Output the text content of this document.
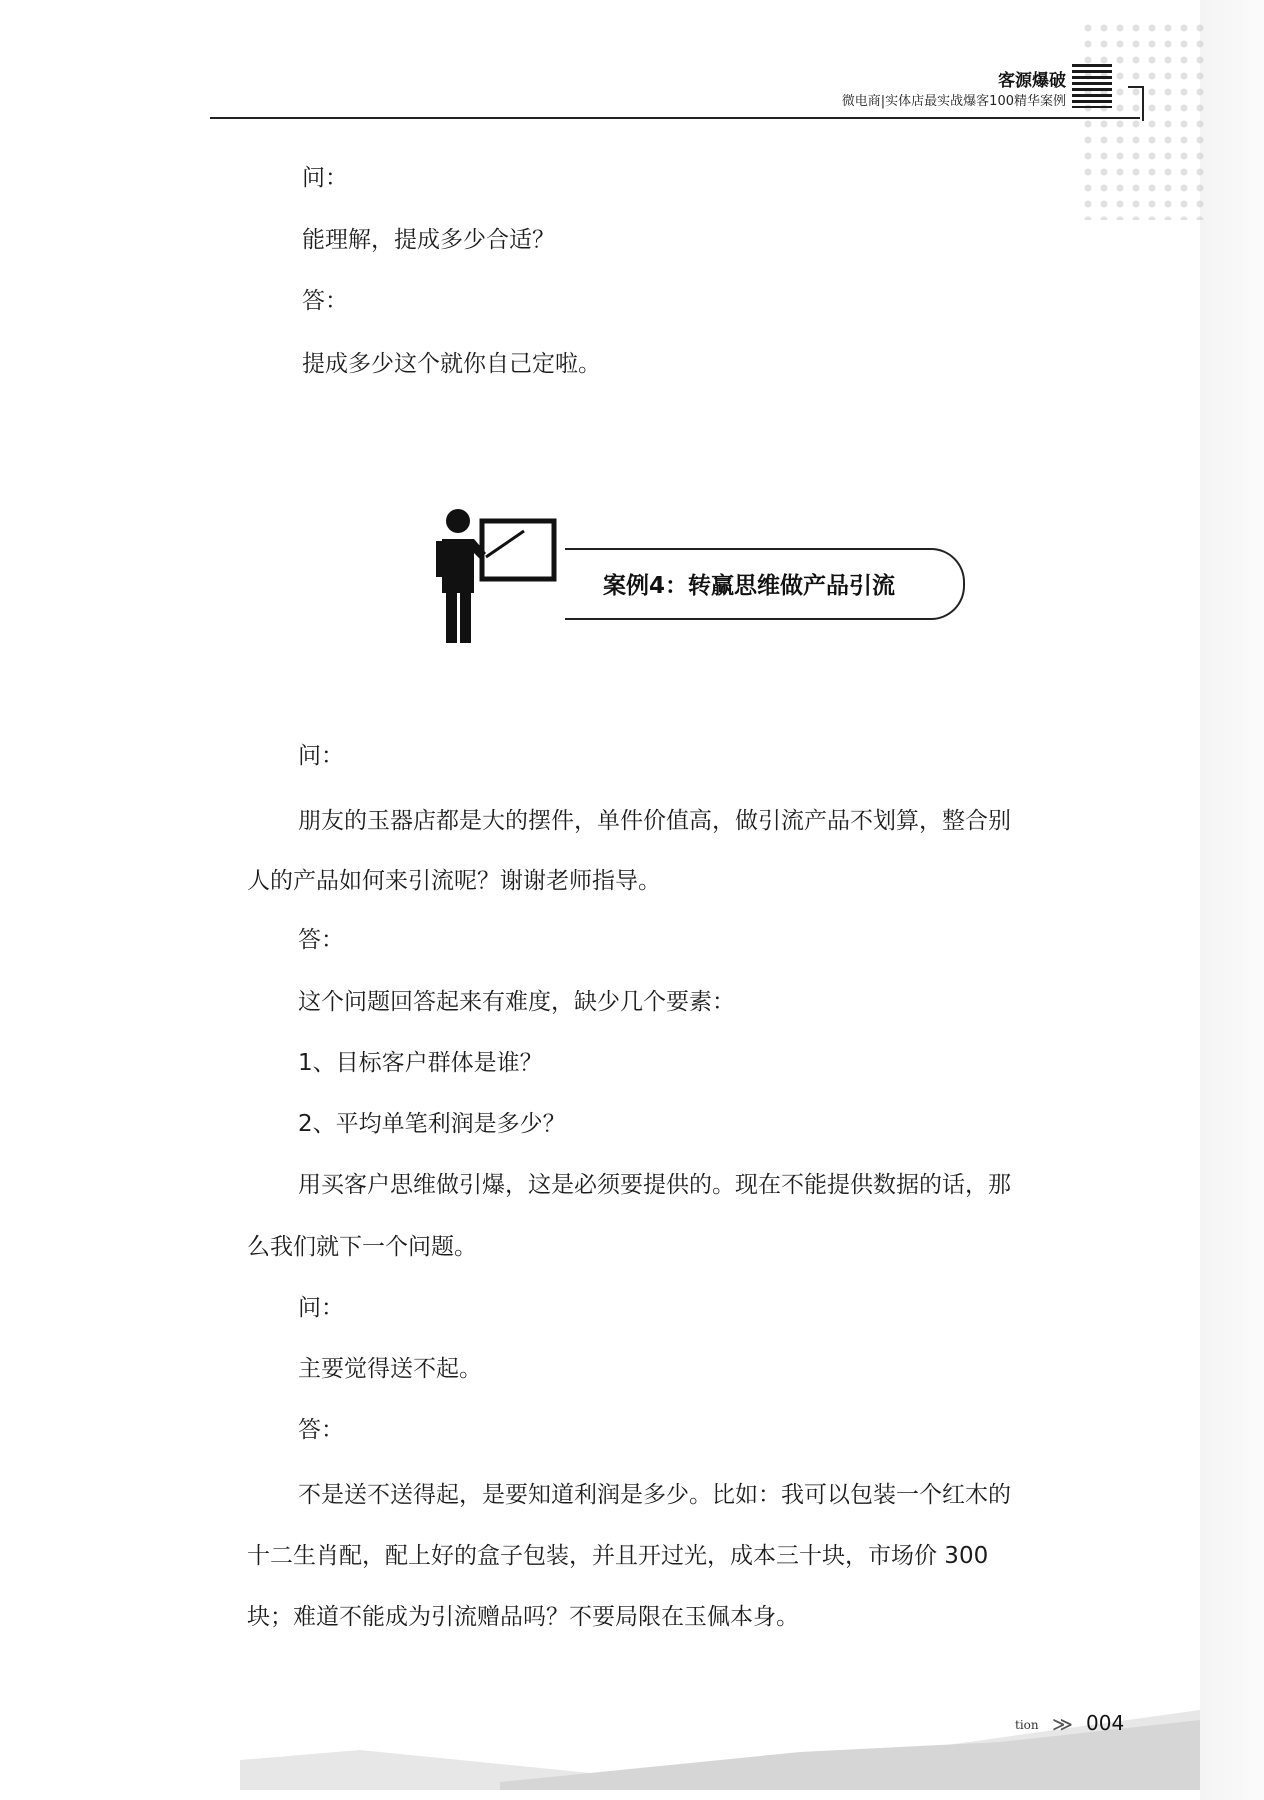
客源爆破
微电商|实体店最实战爆客100精华案例
问：
能理解，提成多少合适？
答：
提成多少这个就你自己定啦。
案例4：转赢思维做产品引流
问：
朋友的玉器店都是大的摆件，单件价值高，做引流产品不划算，整合别
人的产品如何来引流呢？谢谢老师指导。
答：
这个问题回答起来有难度，缺少几个要素：
1、目标客户群体是谁？
2、平均单笔利润是多少？
用买客户思维做引爆，这是必须要提供的。现在不能提供数据的话，那
么我们就下一个问题。
问：
主要觉得送不起。
答：
不是送不送得起，是要知道利润是多少。比如：我可以包装一个红木的
十二生肖配，配上好的盒子包装，并且开过光，成本三十块，市场价 300
块；难道不能成为引流赠品吗？不要局限在玉佩本身。
tion ≫ 004
